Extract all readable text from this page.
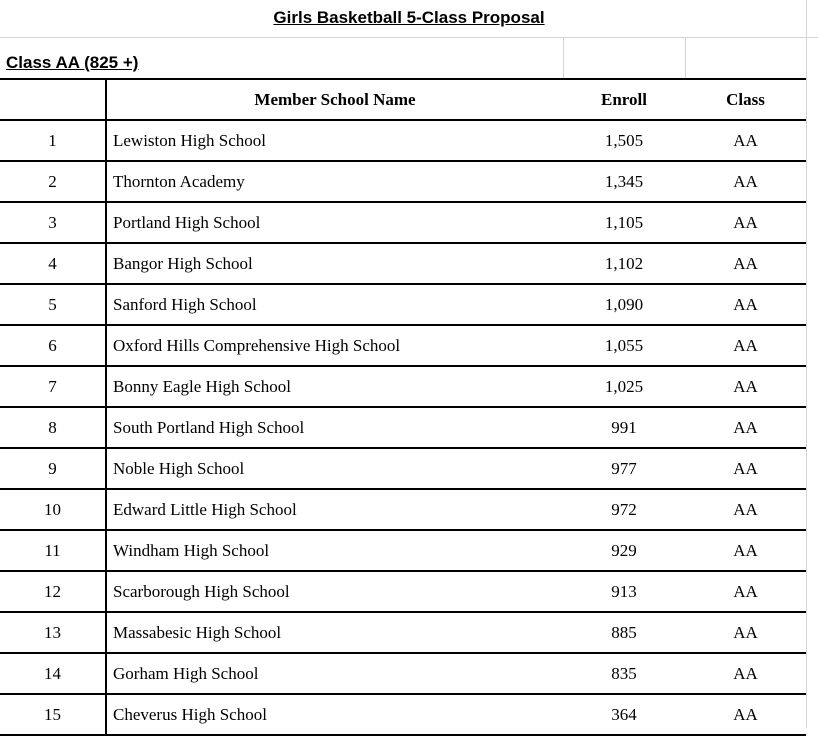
Girls Basketball 5-Class Proposal
Class AA (825 +)
	Member School Name	Enroll	Class
1	Lewiston High School	1,505	AA
2	Thornton Academy	1,345	AA
3	Portland High School	1,105	AA
4	Bangor High School	1,102	AA
5	Sanford High School	1,090	AA
6	Oxford Hills Comprehensive High School	1,055	AA
7	Bonny Eagle High School	1,025	AA
8	South Portland High School	991	AA
9	Noble High School	977	AA
10	Edward Little High School	972	AA
11	Windham High School	929	AA
12	Scarborough High School	913	AA
13	Massabesic High School	885	AA
14	Gorham High School	835	AA
15	Cheverus High School	364	AA
